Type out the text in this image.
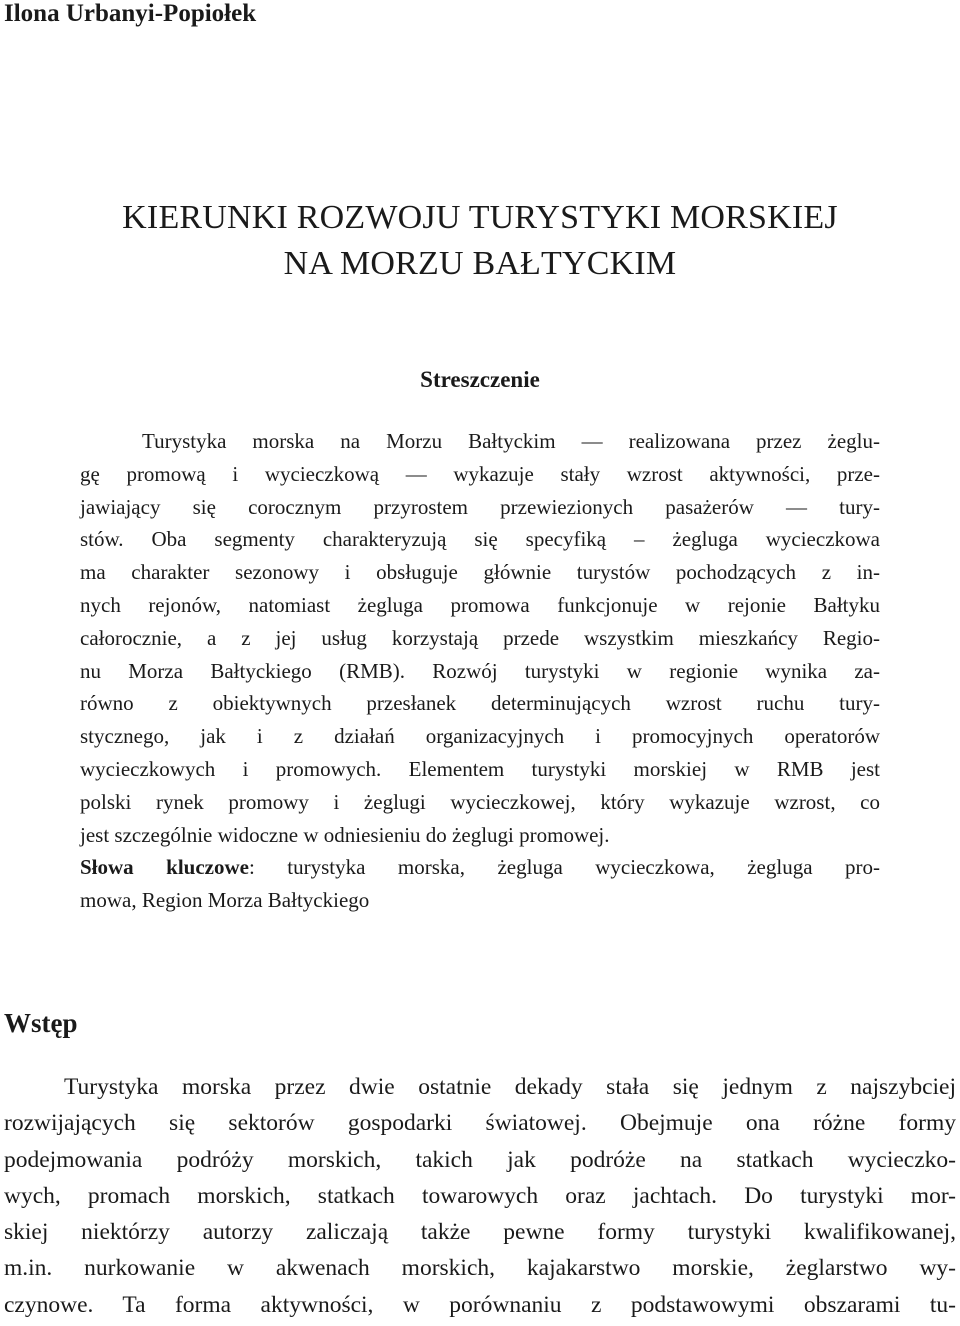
Ilona Urbanyi-Popiołek
KIERUNKI ROZWOJU TURYSTYKI MORSKIEJ
NA MORZU BAŁTYCKIM
Streszczenie
Turystyka morska na Morzu Bałtyckim — realizowana przez żeglu-
gę promową i wycieczkową — wykazuje stały wzrost aktywności, prze-
jawiający się corocznym przyrostem przewiezionych pasażerów — tury-
stów. Oba segmenty charakteryzują się specyfiką – żegluga wycieczkowa
ma charakter sezonowy i obsługuje głównie turystów pochodzących z in-
nych rejonów, natomiast żegluga promowa funkcjonuje w rejonie Bałtyku
całorocznie, a z jej usług korzystają przede wszystkim mieszkańcy Regio-
nu Morza Bałtyckiego (RMB). Rozwój turystyki w regionie wynika za-
równo z obiektywnych przesłanek determinujących wzrost ruchu tury-
stycznego, jak i z działań organizacyjnych i promocyjnych operatorów
wycieczkowych i promowych. Elementem turystyki morskiej w RMB jest
polski rynek promowy i żeglugi wycieczkowej, który wykazuje wzrost, co
jest szczególnie widoczne w odniesieniu do żeglugi promowej.
Słowa kluczowe: turystyka morska, żegluga wycieczkowa, żegluga pro-
mowa, Region Morza Bałtyckiego
Wstęp
Turystyka morska przez dwie ostatnie dekady stała się jednym z najszybciej
rozwijających się sektorów gospodarki światowej. Obejmuje ona różne formy
podejmowania podróży morskich, takich jak podróże na statkach wycieczko-
wych, promach morskich, statkach towarowych oraz jachtach. Do turystyki mor-
skiej niektórzy autorzy zaliczają także pewne formy turystyki kwalifikowanej,
m.in. nurkowanie w akwenach morskich, kajakarstwo morskie, żeglarstwo wy-
czynowe. Ta forma aktywności, w porównaniu z podstawowymi obszarami tu-
